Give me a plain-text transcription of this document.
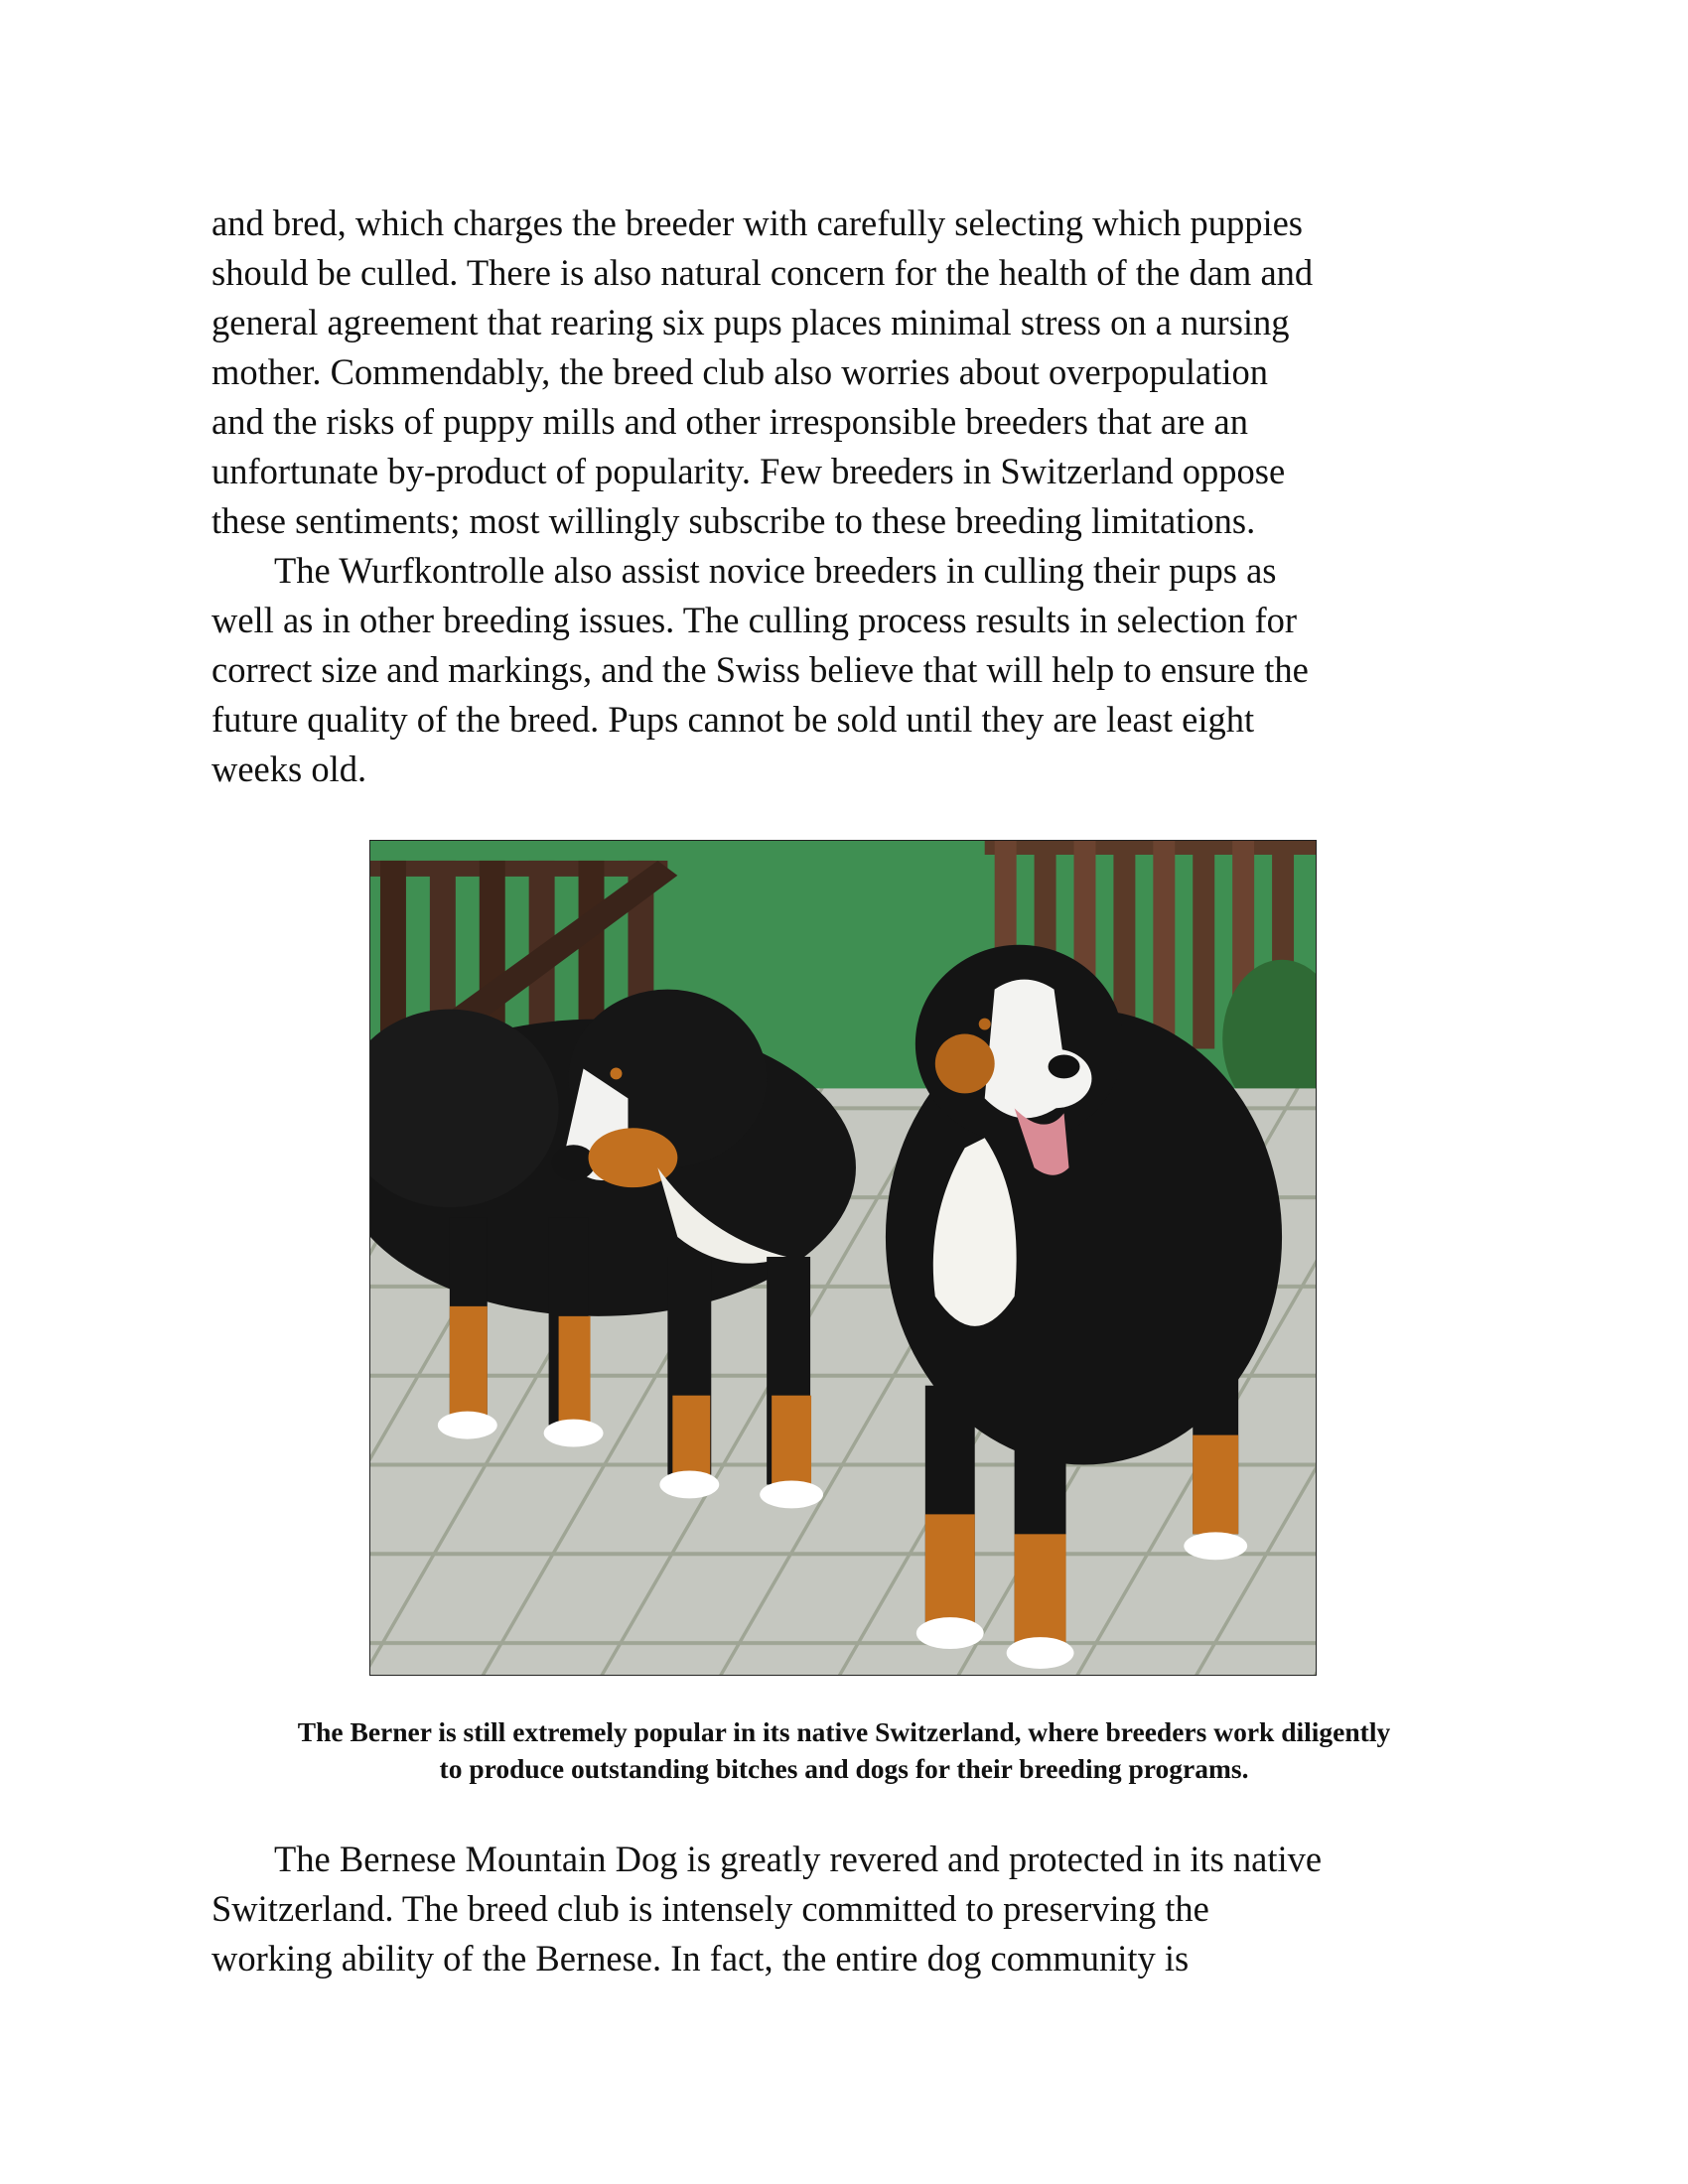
and bred, which charges the breeder with carefully selecting which puppies
should be culled. There is also natural concern for the health of the dam and
general agreement that rearing six pups places minimal stress on a nursing
mother. Commendably, the breed club also worries about overpopulation
and the risks of puppy mills and other irresponsible breeders that are an
unfortunate by-product of popularity. Few breeders in Switzerland oppose
these sentiments; most willingly subscribe to these breeding limitations.
The Wurfkontrolle also assist novice breeders in culling their pups as
well as in other breeding issues. The culling process results in selection for
correct size and markings, and the Swiss believe that will help to ensure the
future quality of the breed. Pups cannot be sold until they are least eight
weeks old.
The Berner is still extremely popular in its native Switzerland, where breeders work diligently
to produce outstanding bitches and dogs for their breeding programs.
The Bernese Mountain Dog is greatly revered and protected in its native
Switzerland. The breed club is intensely committed to preserving the
working ability of the Bernese. In fact, the entire dog community is
